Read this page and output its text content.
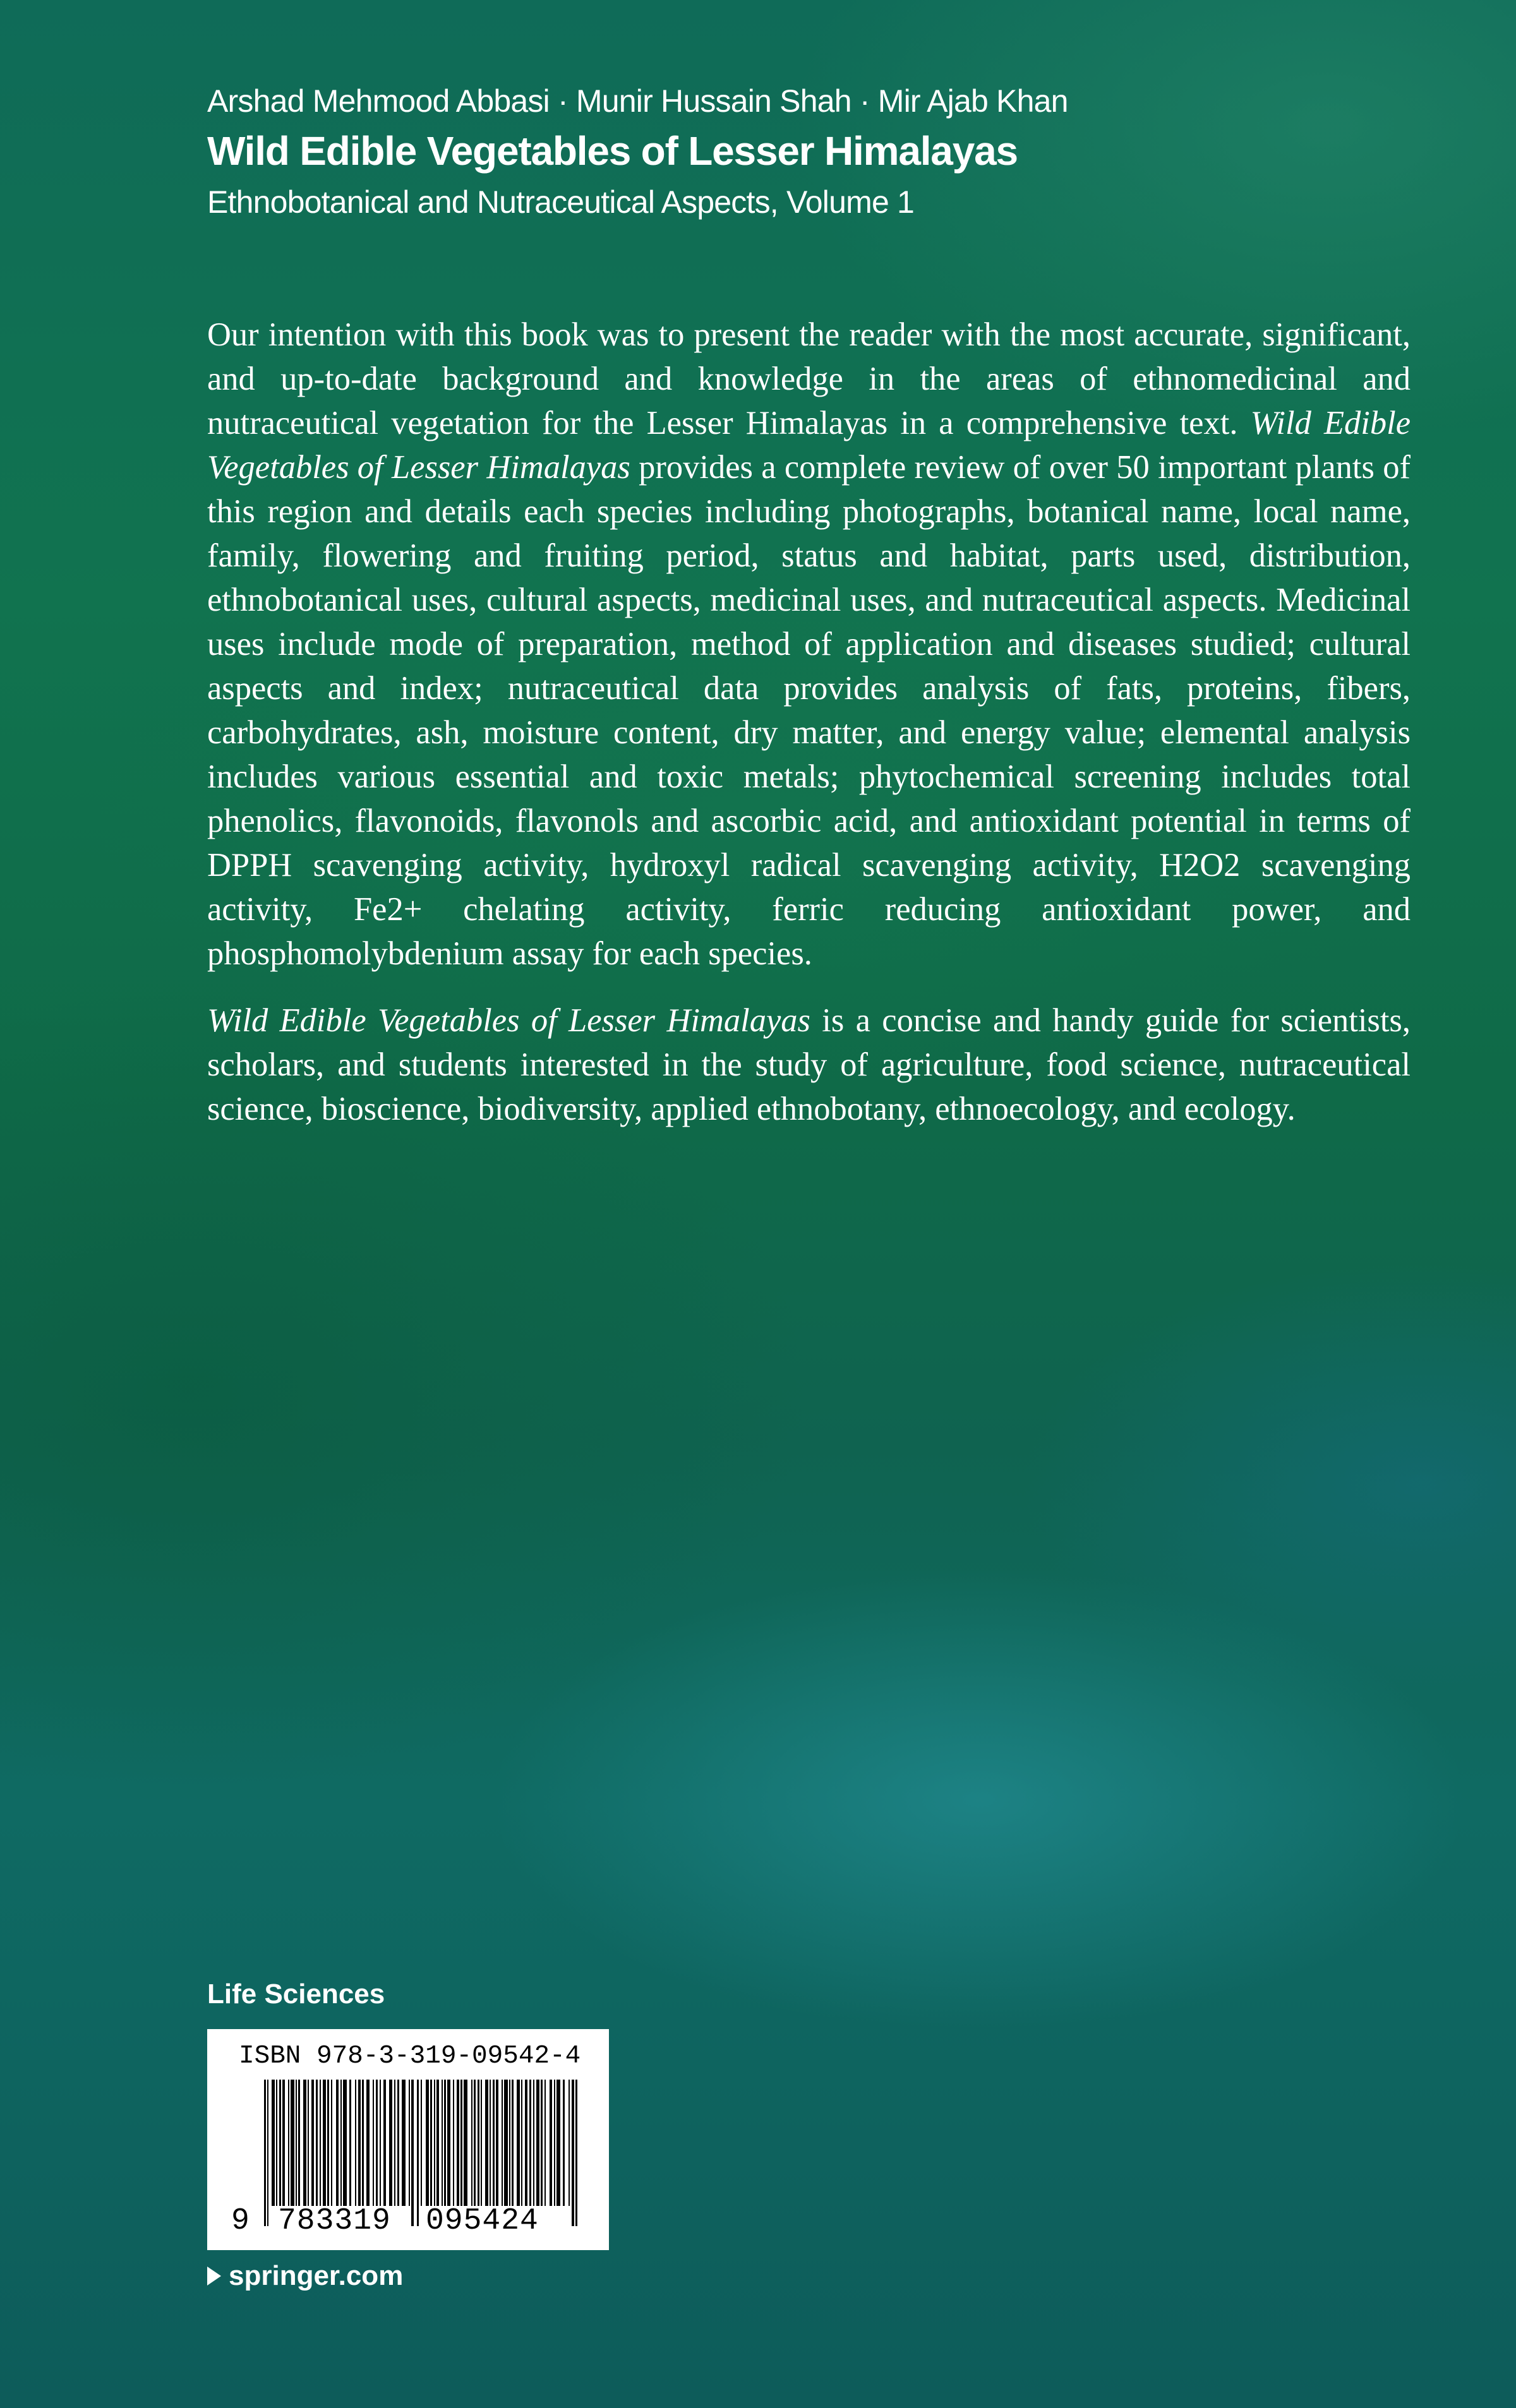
Arshad Mehmood Abbasi · Munir Hussain Shah · Mir Ajab Khan
Wild Edible Vegetables of Lesser Himalayas
Ethnobotanical and Nutraceutical Aspects, Volume 1

Our intention with this book was to present the reader with the most accurate, significant, and up-to-date background and knowledge in the areas of ethnomedicinal and nutraceutical vegetation for the Lesser Himalayas in a comprehensive text. Wild Edible Vegetables of Lesser Himalayas provides a complete review of over 50 important plants of this region and details each species including photographs, botanical name, local name, family, flowering and fruiting period, status and habitat, parts used, distribution, ethnobotanical uses, cultural aspects, medicinal uses, and nutraceutical aspects. Medicinal uses include mode of preparation, method of application and diseases studied; cultural aspects and index; nutraceutical data provides analysis of fats, proteins, fibers, carbohydrates, ash, moisture content, dry matter, and energy value; elemental analysis includes various essential and toxic metals; phytochemical screening includes total phenolics, flavonoids, flavonols and ascorbic acid, and antioxidant potential in terms of DPPH scavenging activity, hydroxyl radical scavenging activity, H2O2 scavenging activity, Fe2+ chelating activity, ferric reducing antioxidant power, and phosphomolybdenium assay for each species.

Wild Edible Vegetables of Lesser Himalayas is a concise and handy guide for scientists, scholars, and students interested in the study of agriculture, food science, nutraceutical science, bioscience, biodiversity, applied ethnobotany, ethnoecology, and ecology.

Life Sciences
ISBN 978-3-319-09542-4
9 783319 095424
springer.com
